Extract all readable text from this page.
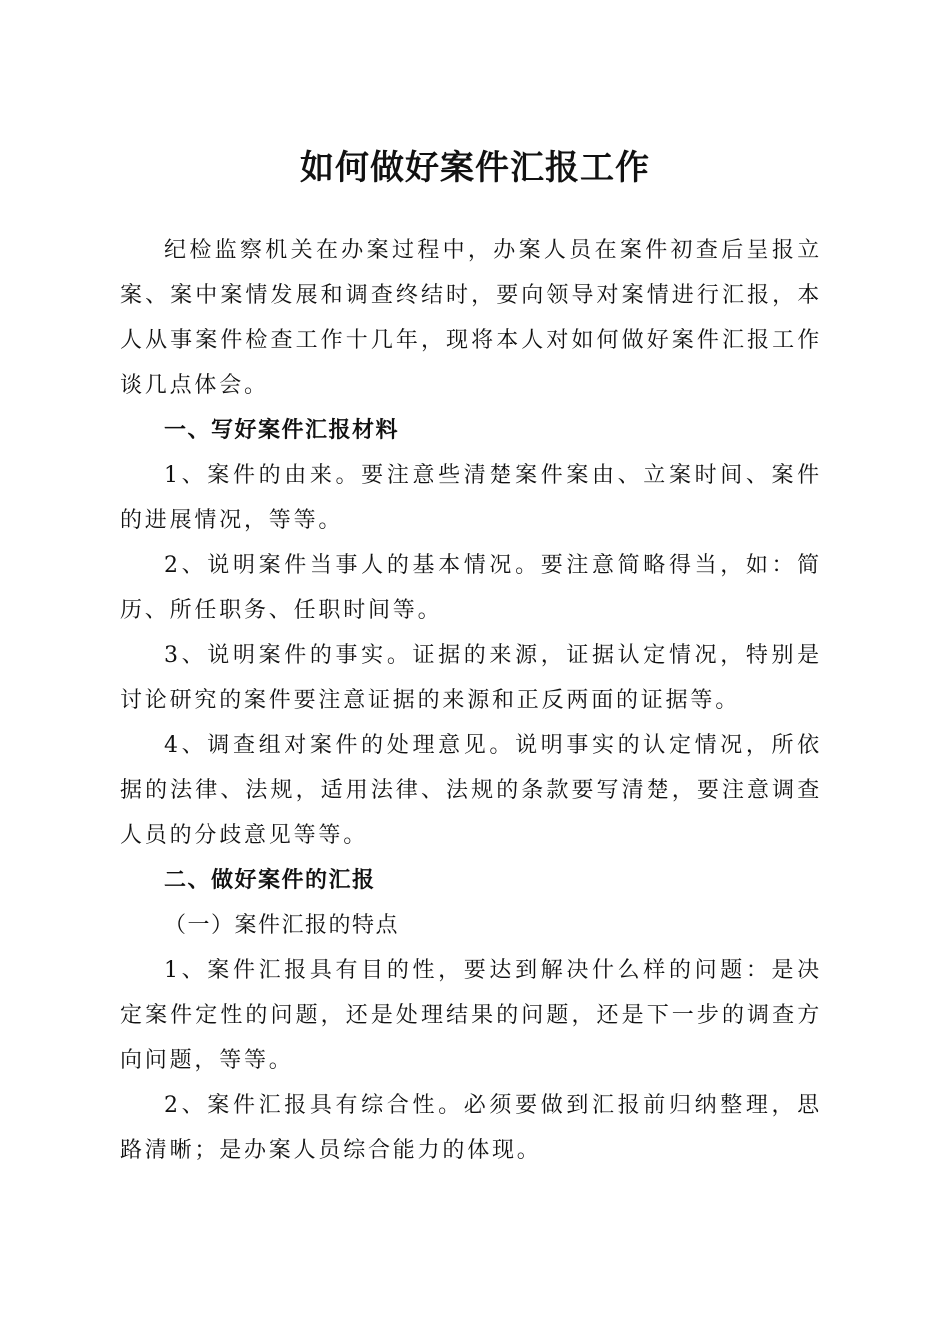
如何做好案件汇报工作

纪检监察机关在办案过程中，办案人员在案件初查后呈报立案、案中案情发展和调查终结时，要向领导对案情进行汇报，本人从事案件检查工作十几年，现将本人对如何做好案件汇报工作谈几点体会。

一、写好案件汇报材料

1、案件的由来。要注意些清楚案件案由、立案时间、案件的进展情况，等等。

2、说明案件当事人的基本情况。要注意简略得当，如：简历、所任职务、任职时间等。

3、说明案件的事实。证据的来源，证据认定情况，特别是讨论研究的案件要注意证据的来源和正反两面的证据等。

4、调查组对案件的处理意见。说明事实的认定情况，所依据的法律、法规，适用法律、法规的条款要写清楚，要注意调查人员的分歧意见等等。

二、做好案件的汇报

（一）案件汇报的特点

1、案件汇报具有目的性，要达到解决什么样的问题：是决定案件定性的问题，还是处理结果的问题，还是下一步的调查方向问题，等等。

2、案件汇报具有综合性。必须要做到汇报前归纳整理，思路清晰；是办案人员综合能力的体现。
